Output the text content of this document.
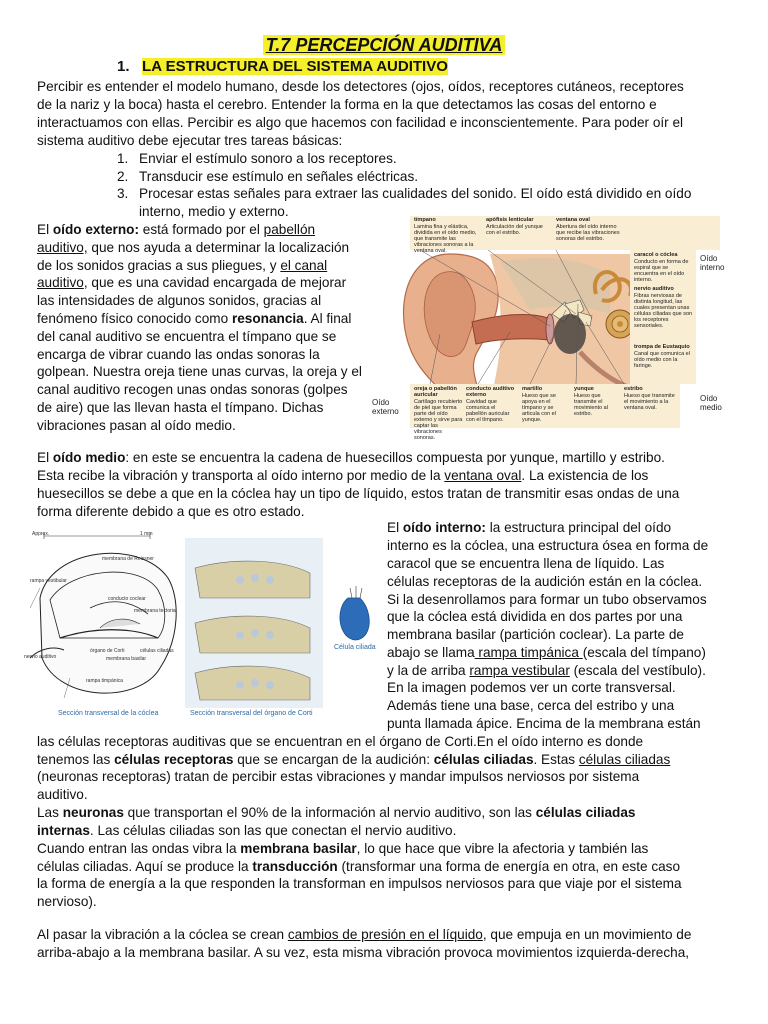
T.7 PERCEPCIÓN AUDITIVA
1. LA ESTRUCTURA DEL SISTEMA AUDITIVO
Percibir es entender el modelo humano, desde los detectores (ojos, oídos, receptores cutáneos, receptores
de la nariz y la boca) hasta el cerebro. Entender la forma en la que detectamos las cosas del entorno e
interactuamos con ellas. Percibir es algo que hacemos con facilidad e inconscientemente. Para poder oír el
sistema auditivo debe ejecutar tres tareas básicas:
1. Enviar el estímulo sonoro a los receptores.
2. Transducir ese estímulo en señales eléctricas.
3. Procesar estas señales para extraer las cualidades del sonido. El oído está dividido en oído
interno, medio y externo.
El oído externo: está formado por el pabellón
auditivo, que nos ayuda a determinar la localización
de los sonidos gracias a sus pliegues, y el canal
auditivo, que es una cavidad encargada de mejorar
las intensidades de algunos sonidos, gracias al
fenómeno físico conocido como resonancia. Al final
del canal auditivo se encuentra el tímpano que se
encarga de vibrar cuando las ondas sonoras la
golpean. Nuestra oreja tiene unas curvas, la oreja y el
canal auditivo recogen unas ondas sonoras (golpes
de aire) que las llevan hasta el tímpano. Dichas
vibraciones pasan al oído medio.
tímpano
Lamina fina y elástica, dividida en el oído medio, que transmite las vibraciones sonoras a la ventana oval.
apófisis lenticular
Articulación del yunque con el estribo.
ventana oval
Abertura del oído interno que recibe las vibraciones sonoras del estribo.
caracol o cóclea
Conducto en forma de espiral que se encuentra en el oído interno.
nervio auditivo
Fibras nerviosas de distinta longitud, las cuales presentan unas células ciliadas que son los receptores sensoriales.
trompa de Eustaquio
Canal que comunica el oído medio con la faringe.
oreja o pabellón auricular
Cartílago recubierto de piel que forma parte del oído externo y sirve para captar las vibraciones sonoras.
conducto auditivo externo
Cavidad que comunica el pabellón auricular con el tímpano.
martillo
Hueso que se apoya en el tímpano y se articula con el yunque.
yunque
Hueso que transmite el movimiento al estribo.
estribo
Hueso que transmite el movimiento a la ventana oval.
Oído interno
Oído externo
Oído medio
El oído medio: en este se encuentra la cadena de huesecillos compuesta por yunque, martillo y estribo.
Esta recibe la vibración y transporta al oído interno por medio de la ventana oval. La existencia de los
huesecillos se debe a que en la cóclea hay un tipo de líquido, estos tratan de transmitir esas ondas de una
forma diferente debido a que es otro estado.
Approx.	1 mm
rampa vestibular
membrana de Reissner
conducto coclear
membrana tectoria
órgano de Corti
membrana basilar
células ciliadas
rampa timpánica
nervio auditivo
Sección transversal de la cóclea	Sección transversal del órgano de Corti
Célula ciliada
El oído interno: la estructura principal del oído
interno es la cóclea, una estructura ósea en forma de
caracol que se encuentra llena de líquido. Las
células receptoras de la audición están en la cóclea.
Si la desenrollamos para formar un tubo observamos
que la cóclea está dividida en dos partes por una
membrana basilar (partición coclear). La parte de
abajo se llama rampa timpánica (escala del tímpano)
y la de arriba rampa vestibular (escala del vestíbulo).
En la imagen podemos ver un corte transversal.
Además tiene una base, cerca del estribo y una
punta llamada ápice. Encima de la membrana están
las células receptoras auditivas que se encuentran en el órgano de Corti.En el oído interno es donde
tenemos las células receptoras que se encargan de la audición: células ciliadas. Estas células ciliadas
(neuronas receptoras) tratan de percibir estas vibraciones y mandar impulsos nerviosos por sistema
auditivo.
Las neuronas que transportan el 90% de la información al nervio auditivo, son las células ciliadas
internas. Las células ciliadas son las que conectan el nervio auditivo.
Cuando entran las ondas vibra la membrana basilar, lo que hace que vibre la afectoria y también las
células ciliadas. Aquí se produce la transducción (transformar una forma de energía en otra, en este caso
la forma de energía a la que responden la transforman en impulsos nerviosos para que viaje por el sistema
nervioso).
Al pasar la vibración a la cóclea se crean cambios de presión en el líquido, que empuja en un movimiento de
arriba-abajo a la membrana basilar. A su vez, esta misma vibración provoca movimientos izquierda-derecha,
